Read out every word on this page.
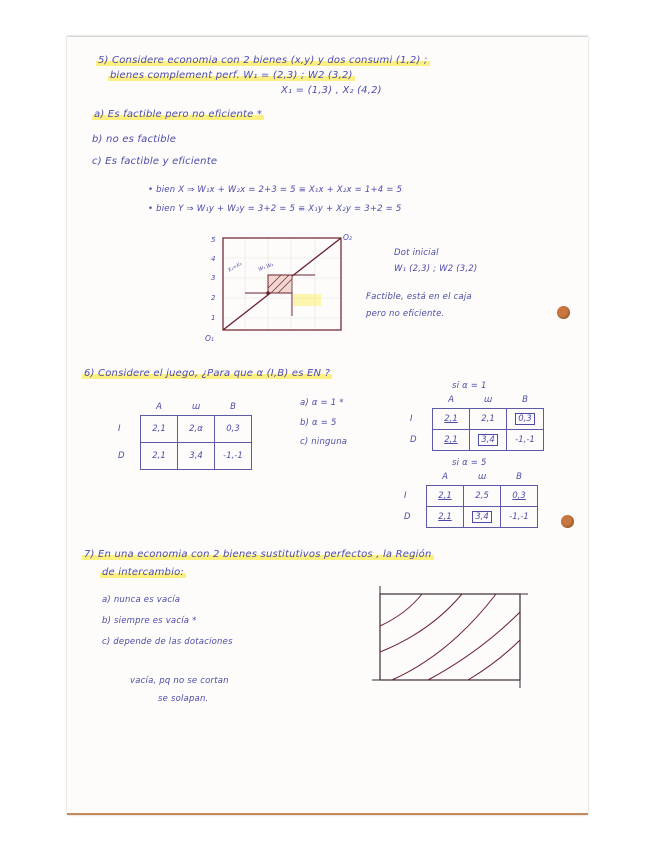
5) Considere economia con 2 bienes (x,y) y dos consumi (1,2) ;
bienes complement perf. W₁ = (2,3) ; W2 (3,2)
X₁ = (1,3) , X₂ (4,2)
a) Es factible pero no eficiente *
b) no es factible
c) Es factible y eficiente
• bien X ⇒ W₁x + W₂x = 2+3 = 5 ≡ X₁x + X₂x = 1+4 = 5
• bien Y ⇒ W₁y + W₂y = 3+2 = 5 ≡ X₁y + X₂y = 3+2 = 5
5
4
3
2
1
O₁
O₂
X₁=X₂	W₁ W₂
Dot inicial
W₁ (2,3) ; W2 (3,2)
Factible, está en el caja
pero no eficiente.
6) Considere el juego, ¿Para que α (I,B) es EN ?
	A	ɯ	B
I	2,1	2,α	0,3
D	2,1	3,4	-1,-1
a) α = 1 *
b) α = 5
c) ninguna
si α = 1
	A	ɯ	B
I	2,1	2,1	0,3
D	2,1	3,4	-1,-1
si α = 5
	A	ɯ	B
I	2,1	2,5	0,3
D	2,1	3,4	-1,-1
7) En una economia con 2 bienes sustitutivos perfectos , la Región
de intercambio:
a) nunca es vacía
b) siempre es vacía *
c) depende de las dotaciones
vacía, pq no se cortan
se solapan.
